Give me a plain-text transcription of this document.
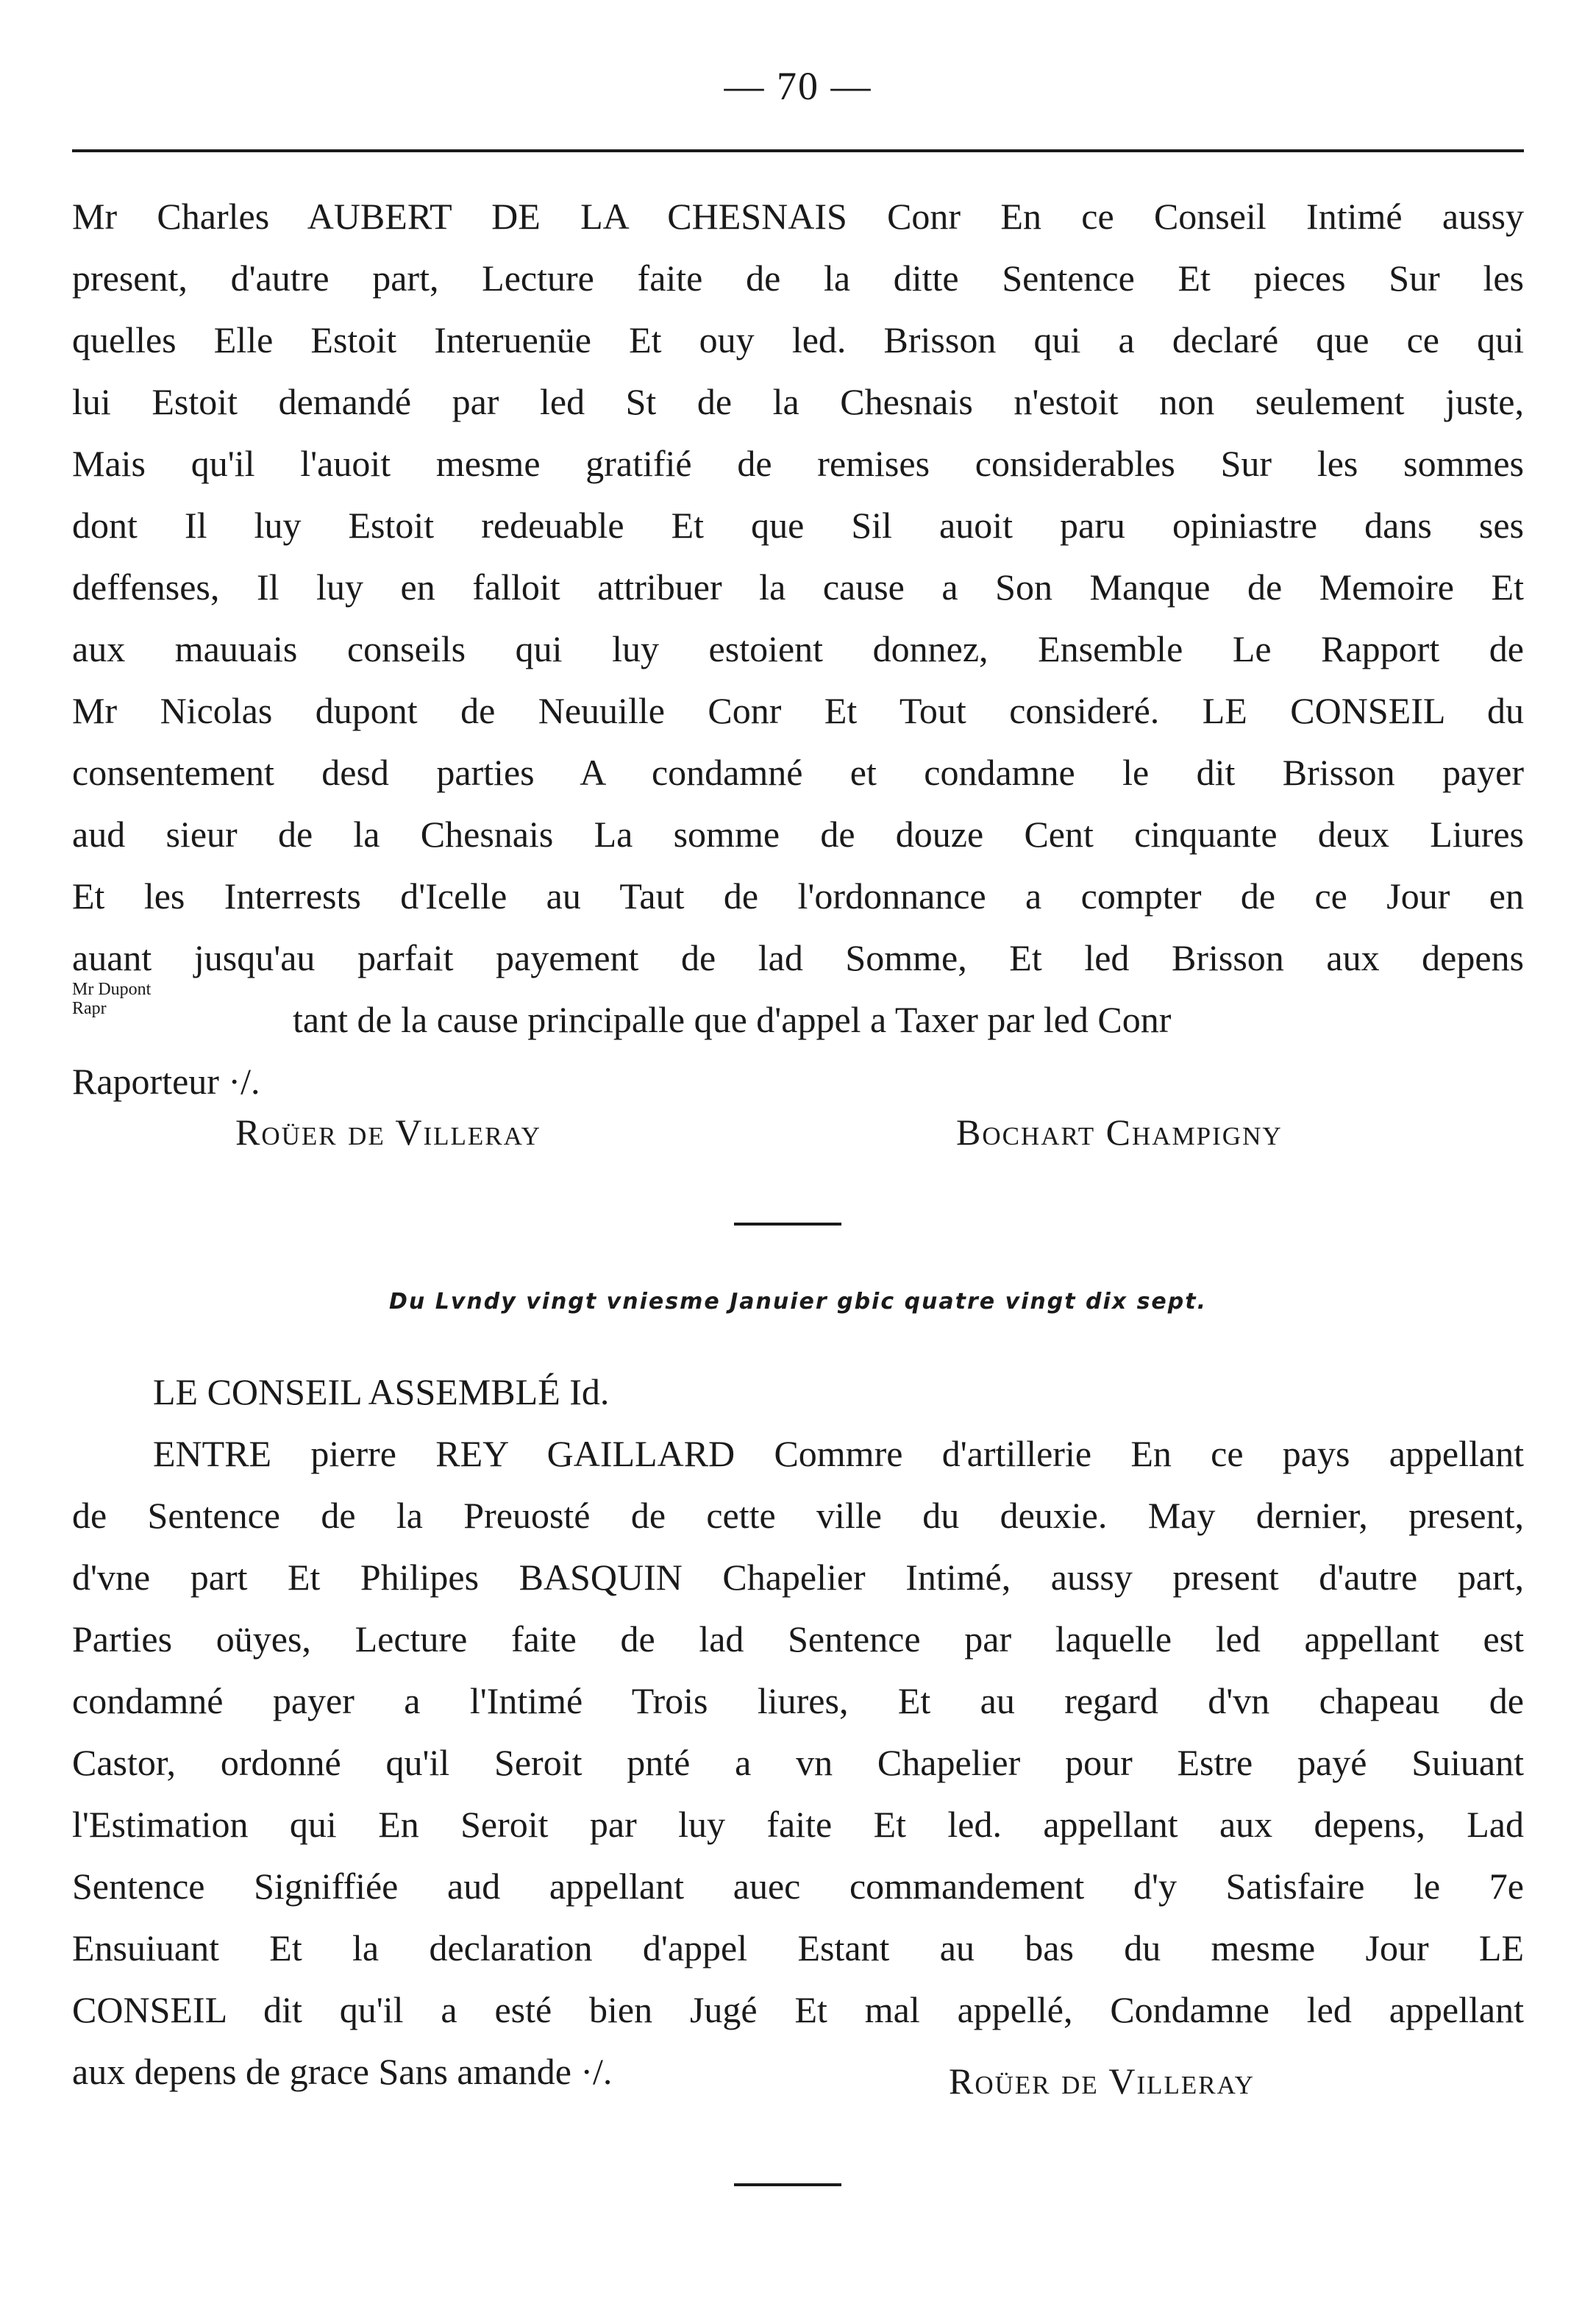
— 70 —
Mr Charles AUBERT DE LA CHESNAIS Conr En ce Conseil Intimé aussy
present, d'autre part, Lecture faite de la ditte Sentence Et pieces Sur les
quelles Elle Estoit Interuenüe Et ouy led. Brisson qui a declaré que ce qui
lui Estoit demandé par led St de la Chesnais n'estoit non seulement juste,
Mais qu'il l'auoit mesme gratifié de remises considerables Sur les sommes
dont Il luy Estoit redeuable Et que Sil auoit paru opiniastre dans ses
deffenses, Il luy en falloit attribuer la cause a Son Manque de Memoire Et
aux mauuais conseils qui luy estoient donnez, Ensemble Le Rapport de
Mr Nicolas dupont de Neuuille Conr Et Tout consideré. LE CONSEIL du
consentement desd parties A condamné et condamne le dit Brisson payer
aud sieur de la Chesnais La somme de douze Cent cinquante deux Liures
Et les Interrests d'Icelle au Taut de l'ordonnance a compter de ce Jour en
auant jusqu'au parfait payement de lad Somme, Et led Brisson aux depens
tant de la cause principalle que d'appel a Taxer par led Conr
Raporteur ·/.
Mr Dupont
Rapr
Roüer de Villeray	Bochart Champigny
Du Lvndy vingt vniesme Januier gbic quatre vingt dix sept.
LE CONSEIL ASSEMBLÉ Id.
ENTRE pierre REY GAILLARD Commre d'artillerie En ce pays appellant
de Sentence de la Preuosté de cette ville du deuxie. May dernier, present,
d'vne part Et Philipes BASQUIN Chapelier Intimé, aussy present d'autre part,
Parties oüyes, Lecture faite de lad Sentence par laquelle led appellant est
condamné payer a l'Intimé Trois liures, Et au regard d'vn chapeau de
Castor, ordonné qu'il Seroit pnté a vn Chapelier pour Estre payé Suiuant
l'Estimation qui En Seroit par luy faite Et led. appellant aux depens, Lad
Sentence Signiffiée aud appellant auec commandement d'y Satisfaire le 7e
Ensuiuant Et la declaration d'appel Estant au bas du mesme Jour LE
CONSEIL dit qu'il a esté bien Jugé Et mal appellé, Condamne led appellant
aux depens de grace Sans amande ·/.	Roüer de Villeray
